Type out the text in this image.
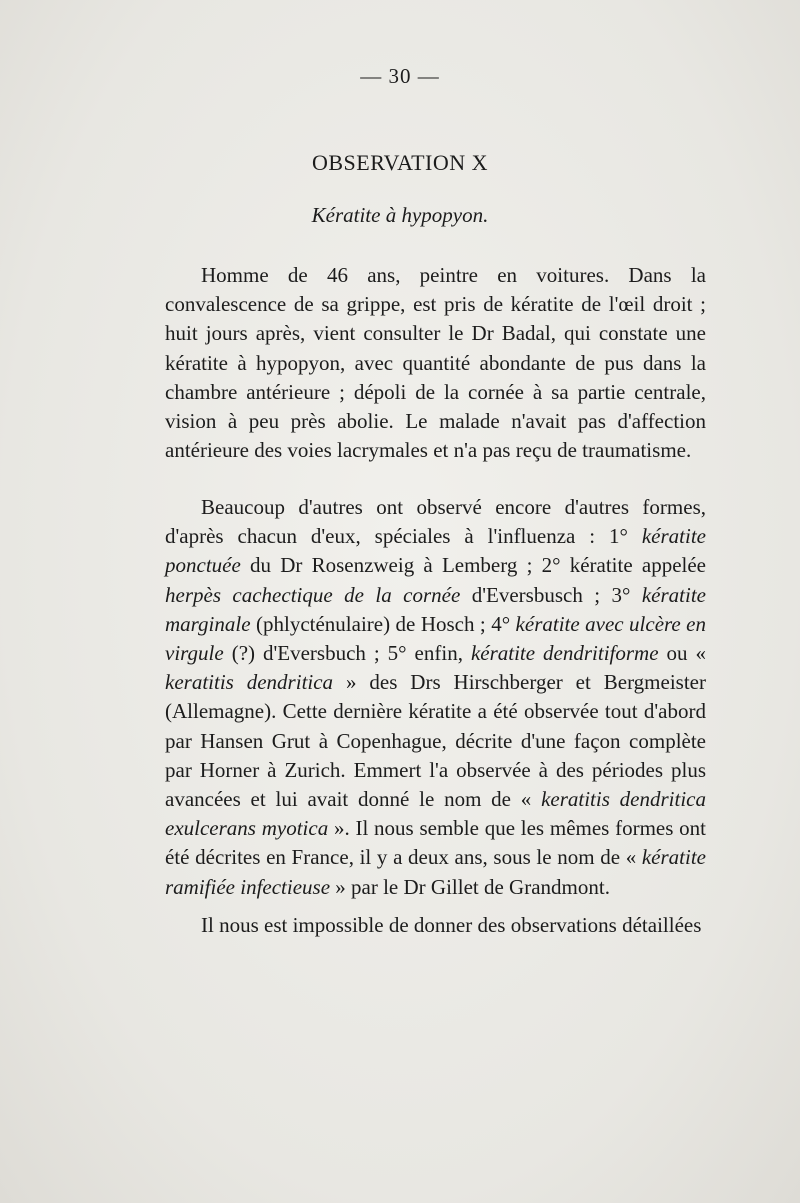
— 30 —
OBSERVATION X
Kératite à hypopyon.

Homme de 46 ans, peintre en voitures. Dans la convalescence de sa grippe, est pris de kératite de l'œil droit ; huit jours après, vient consulter le Dr Badal, qui constate une kératite à hypopyon, avec quantité abondante de pus dans la chambre antérieure ; dépoli de la cornée à sa partie centrale, vision à peu près abolie. Le malade n'avait pas d'affection antérieure des voies lacrymales et n'a pas reçu de traumatisme.

Beaucoup d'autres ont observé encore d'autres formes, d'après chacun d'eux, spéciales à l'influenza : 1° kératite ponctuée du Dr Rosenzweig à Lemberg ; 2° kératite appelée herpès cachectique de la cornée d'Eversbusch ; 3° kératite marginale (phlycténulaire) de Hosch ; 4° kératite avec ulcère en virgule (?) d'Eversbuch ; 5° enfin, kératite dendritiforme ou « keratitis dendritica » des Drs Hirschberger et Bergmeister (Allemagne). Cette dernière kératite a été observée tout d'abord par Hansen Grut à Copenhague, décrite d'une façon complète par Horner à Zurich. Emmert l'a observée à des périodes plus avancées et lui avait donné le nom de « keratitis dendritica exulcerans myotica ». Il nous semble que les mêmes formes ont été décrites en France, il y a deux ans, sous le nom de « kératite ramifiée infectieuse » par le Dr Gillet de Grandmont.

Il nous est impossible de donner des observations détaillées
